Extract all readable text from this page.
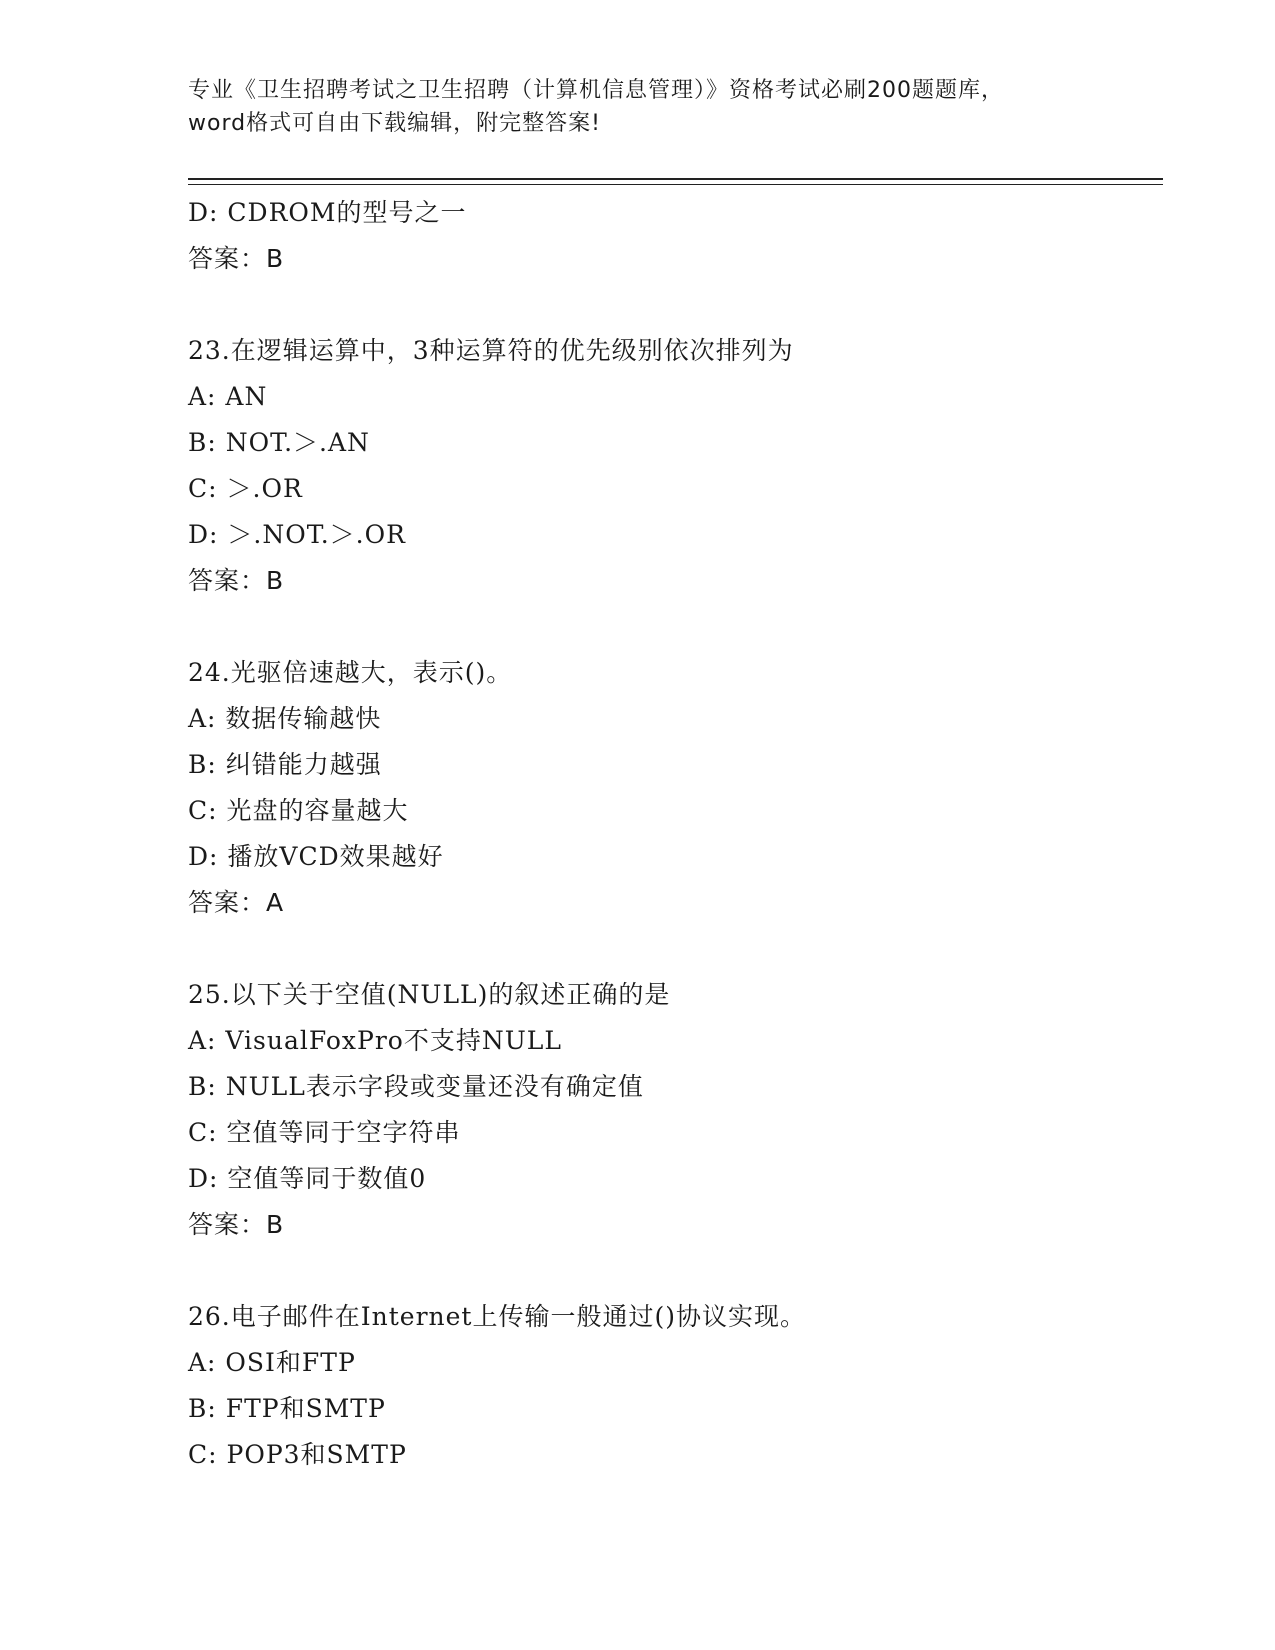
专业《卫生招聘考试之卫生招聘（计算机信息管理）》资格考试必刷200题题库，
word格式可自由下载编辑，附完整答案!
D: CDROM的型号之一
答案：B
23.在逻辑运算中，3种运算符的优先级别依次排列为
A: AN
B: NOT.＞.AN
C: ＞.OR
D: ＞.NOT.＞.OR
答案：B
24.光驱倍速越大，表示()。
A: 数据传输越快
B: 纠错能力越强
C: 光盘的容量越大
D: 播放VCD效果越好
答案：A
25.以下关于空值(NULL)的叙述正确的是
A: VisualFoxPro不支持NULL
B: NULL表示字段或变量还没有确定值
C: 空值等同于空字符串
D: 空值等同于数值0
答案：B
26.电子邮件在Internet上传输一般通过()协议实现。
A: OSI和FTP
B: FTP和SMTP
C: POP3和SMTP
